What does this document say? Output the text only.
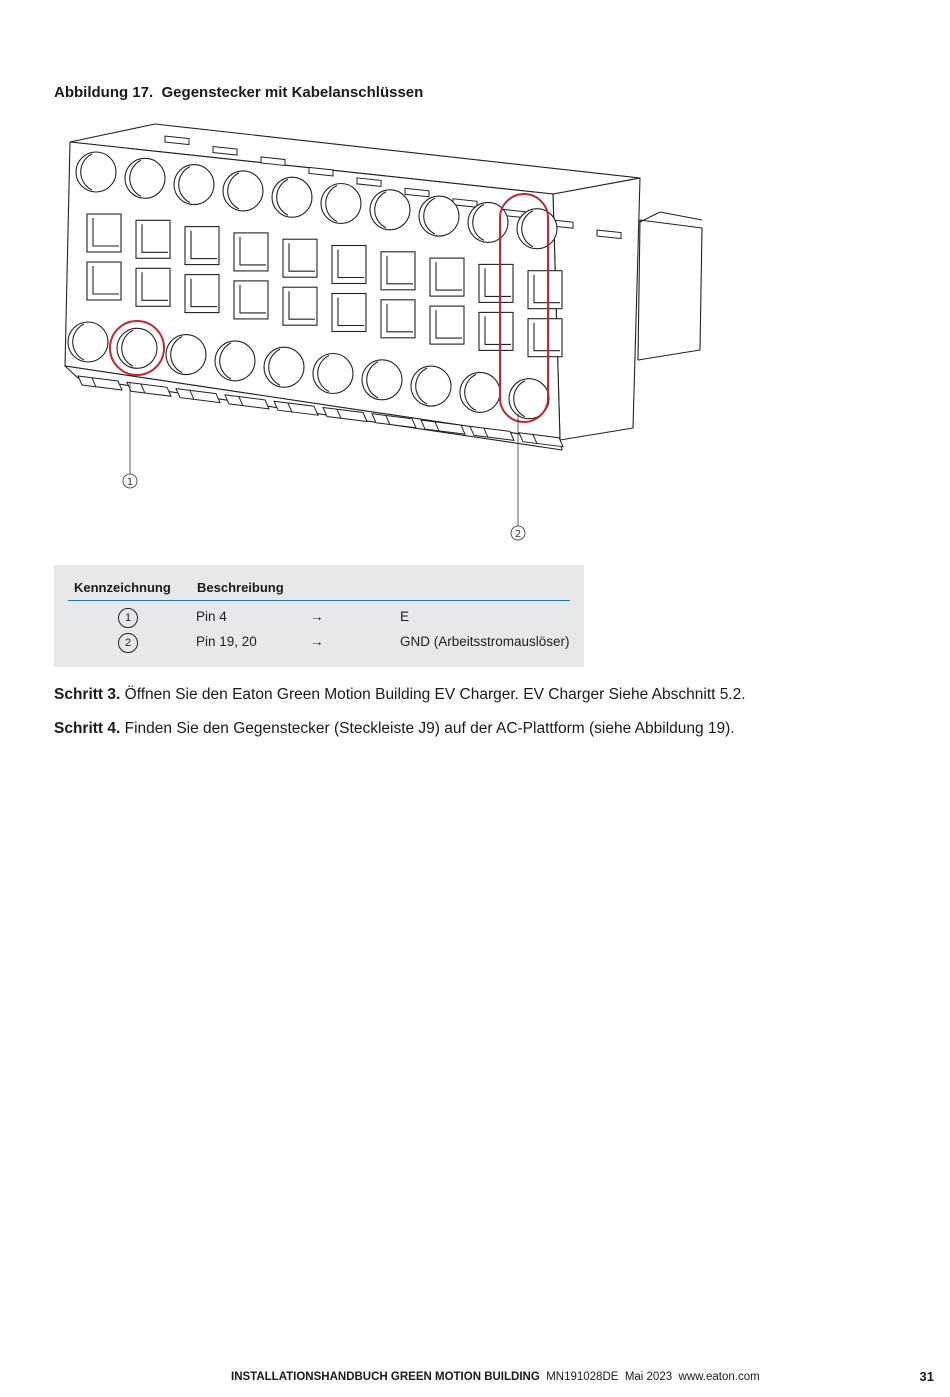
Abbildung 17. Gegenstecker mit Kabelanschlüssen
1
2
Kennzeichnung Beschreibung
1	Pin 4	→	E
2	Pin 19, 20	→	GND (Arbeitsstromauslöser)
Schritt 3. Öffnen Sie den Eaton Green Motion Building EV Charger. EV Charger Siehe Abschnitt 5.2.
Schritt 4. Finden Sie den Gegenstecker (Steckleiste J9) auf der AC-Plattform (siehe Abbildung 19).
INSTALLATIONSHANDBUCH GREEN MOTION BUILDING MN191028DE Mai 2023 www.eaton.com	31
